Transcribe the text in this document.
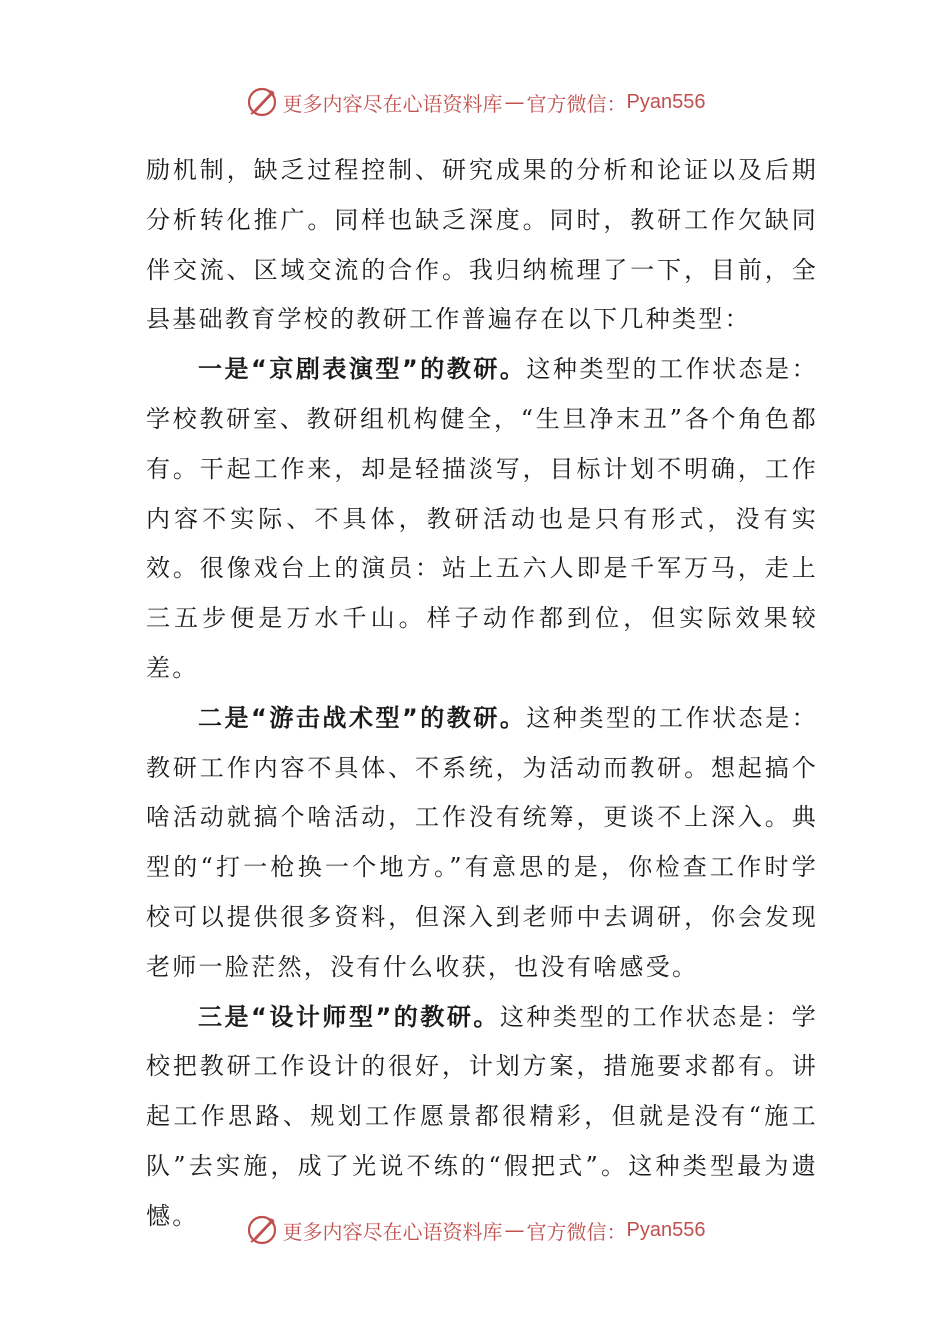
更多内容尽在心语资料库 — 官方微信： Pyan556

励机制，缺乏过程控制、研究成果的分析和论证以及后期分析转化推广。同样也缺乏深度。同时，教研工作欠缺同伴交流、区域交流的合作。我归纳梳理了一下，目前，全县基础教育学校的教研工作普遍存在以下几种类型：

一是“京剧表演型”的教研。这种类型的工作状态是：学校教研室、教研组机构健全，“生旦净末丑”各个角色都有。干起工作来，却是轻描淡写，目标计划不明确，工作内容不实际、不具体，教研活动也是只有形式，没有实效。很像戏台上的演员：站上五六人即是千军万马，走上三五步便是万水千山。样子动作都到位，但实际效果较差。

二是“游击战术型”的教研。这种类型的工作状态是：教研工作内容不具体、不系统，为活动而教研。想起搞个啥活动就搞个啥活动，工作没有统筹，更谈不上深入。典型的“打一枪换一个地方。”有意思的是，你检查工作时学校可以提供很多资料，但深入到老师中去调研，你会发现老师一脸茫然，没有什么收获，也没有啥感受。

三是“设计师型”的教研。这种类型的工作状态是：学校把教研工作设计的很好，计划方案，措施要求都有。讲起工作思路、规划工作愿景都很精彩，但就是没有“施工队”去实施，成了光说不练的“假把式”。这种类型最为遗憾。

更多内容尽在心语资料库 — 官方微信： Pyan556
